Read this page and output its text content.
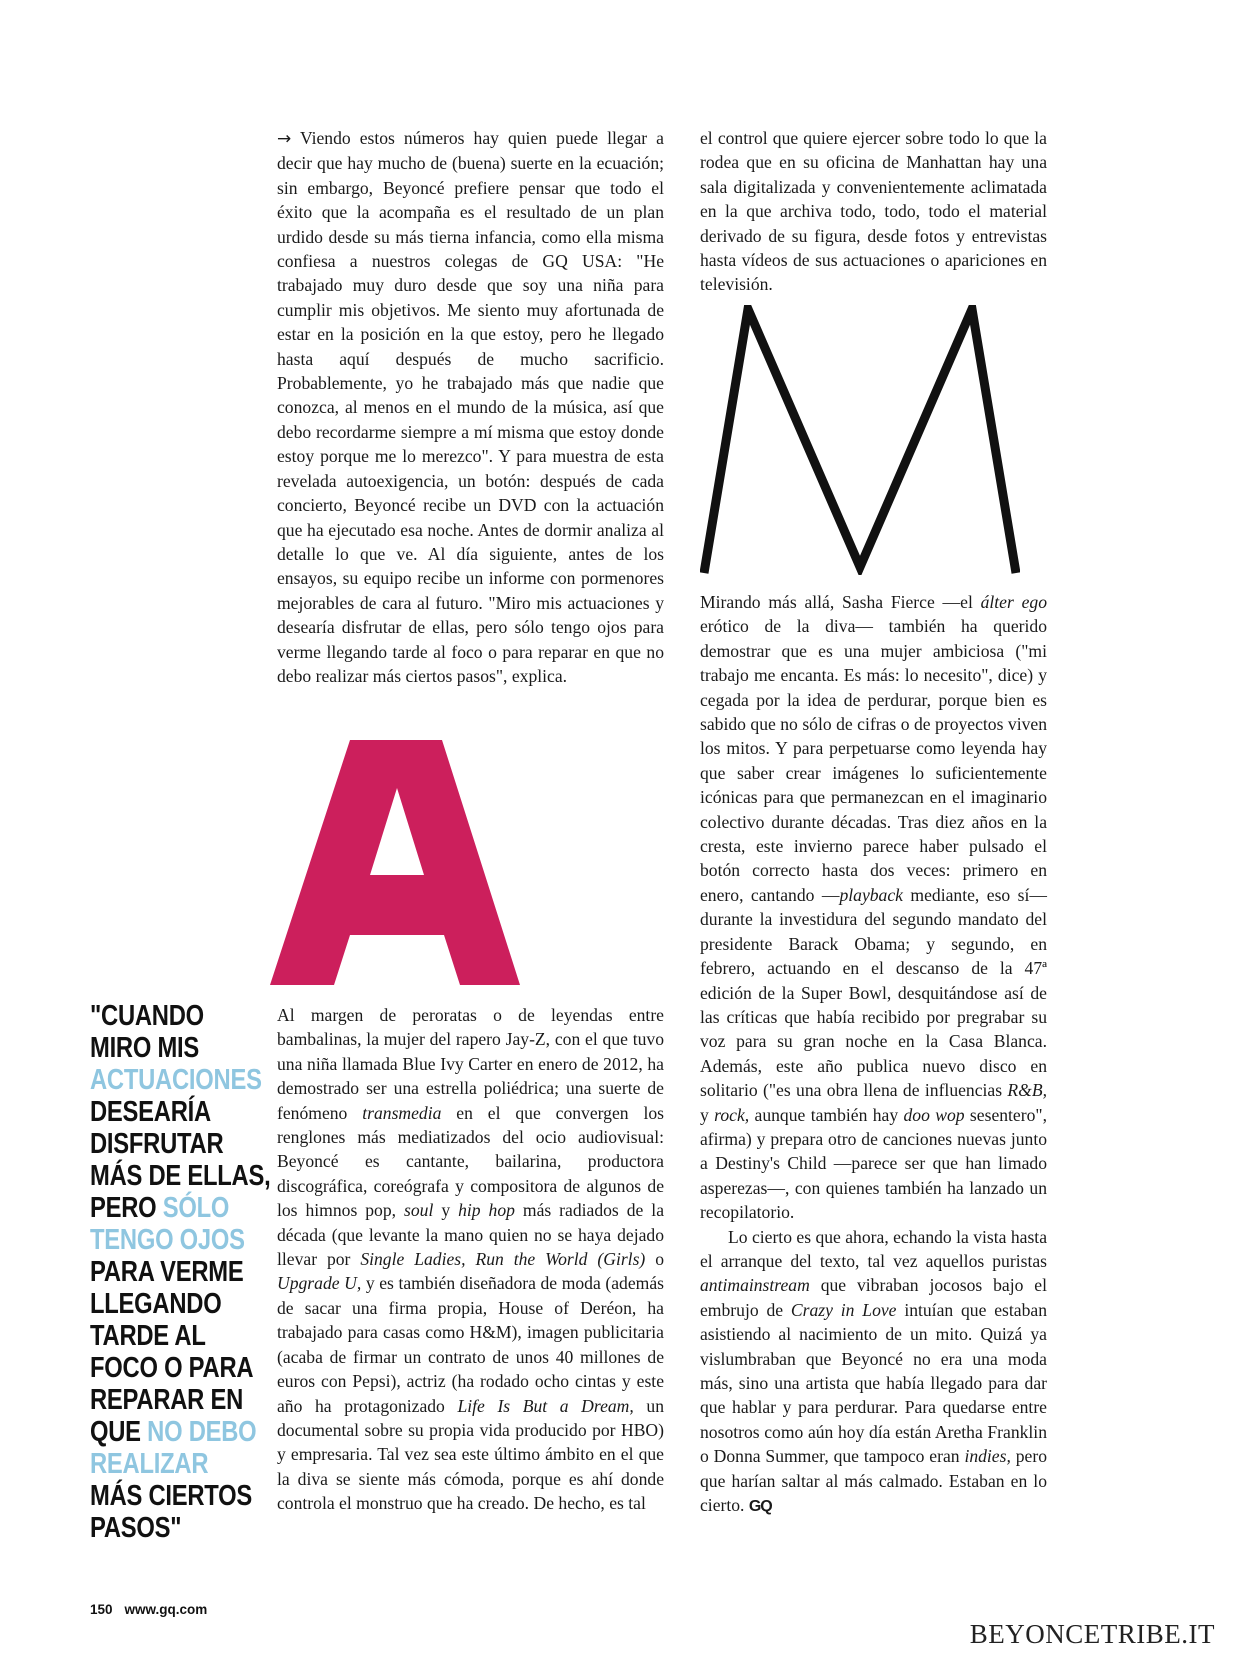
→ Viendo estos números hay quien puede llegar a decir que hay mucho de (buena) suerte en la ecuación; sin embargo, Beyoncé prefiere pensar que todo el éxito que la acompaña es el resultado de un plan urdido desde su más tierna infancia, como ella misma confiesa a nuestros colegas de GQ USA: "He trabajado muy duro desde que soy una niña para cumplir mis objetivos. Me siento muy afortunada de estar en la posición en la que estoy, pero he llegado hasta aquí después de mucho sacrificio. Probablemente, yo he trabajado más que nadie que conozca, al menos en el mundo de la música, así que debo recordarme siempre a mí misma que estoy donde estoy porque me lo merezco". Y para muestra de esta revelada autoexigencia, un botón: después de cada concierto, Beyoncé recibe un DVD con la actuación que ha ejecutado esa noche. Antes de dormir analiza al detalle lo que ve. Al día siguiente, antes de los ensayos, su equipo recibe un informe con pormenores mejorables de cara al futuro. "Miro mis actuaciones y desearía disfrutar de ellas, pero sólo tengo ojos para verme llegando tarde al foco o para reparar en que no debo realizar más ciertos pasos", explica.

Al margen de peroratas o de leyendas entre bambalinas, la mujer del rapero Jay-Z, con el que tuvo una niña llamada Blue Ivy Carter en enero de 2012, ha demostrado ser una estrella poliédrica; una suerte de fenómeno transmedia en el que convergen los renglones más mediatizados del ocio audiovisual: Beyoncé es cantante, bailarina, productora discográfica, coreógrafa y compositora de algunos de los himnos pop, soul y hip hop más radiados de la década (que levante la mano quien no se haya dejado llevar por Single Ladies, Run the World (Girls) o Upgrade U, y es también diseñadora de moda (además de sacar una firma propia, House of Deréon, ha trabajado para casas como H&M), imagen publicitaria (acaba de firmar un contrato de unos 40 millones de euros con Pepsi), actriz (ha rodado ocho cintas y este año ha protagonizado Life Is But a Dream, un documental sobre su propia vida producido por HBO) y empresaria. Tal vez sea este último ámbito en el que la diva se siente más cómoda, porque es ahí donde controla el monstruo que ha creado. De hecho, es tal

el control que quiere ejercer sobre todo lo que la rodea que en su oficina de Manhattan hay una sala digitalizada y convenientemente aclimatada en la que archiva todo, todo, todo el material derivado de su figura, desde fotos y entrevistas hasta vídeos de sus actuaciones o apariciones en televisión.

Mirando más allá, Sasha Fierce —el álter ego erótico de la diva— también ha querido demostrar que es una mujer ambiciosa ("mi trabajo me encanta. Es más: lo necesito", dice) y cegada por la idea de perdurar, porque bien es sabido que no sólo de cifras o de proyectos viven los mitos. Y para perpetuarse como leyenda hay que saber crear imágenes lo suficientemente icónicas para que permanezcan en el imaginario colectivo durante décadas. Tras diez años en la cresta, este invierno parece haber pulsado el botón correcto hasta dos veces: primero en enero, cantando —playback mediante, eso sí— durante la investidura del segundo mandato del presidente Barack Obama; y segundo, en febrero, actuando en el descanso de la 47ª edición de la Super Bowl, desquitándose así de las críticas que había recibido por pregrabar su voz para su gran noche en la Casa Blanca. Además, este año publica nuevo disco en solitario ("es una obra llena de influencias R&B, y rock, aunque también hay doo wop sesentero", afirma) y prepara otro de canciones nuevas junto a Destiny's Child —parece ser que han limado asperezas—, con quienes también ha lanzado un recopilatorio.

Lo cierto es que ahora, echando la vista hasta el arranque del texto, tal vez aquellos puristas antimainstream que vibraban jocosos bajo el embrujo de Crazy in Love intuían que estaban asistiendo al nacimiento de un mito. Quizá ya vislumbraban que Beyoncé no era una moda más, sino una artista que había llegado para dar que hablar y para perdurar. Para quedarse entre nosotros como aún hoy día están Aretha Franklin o Donna Summer, que tampoco eran indies, pero que harían saltar al más calmado. Estaban en lo cierto. GQ

"CUANDO
MIRO MIS
ACTUACIONES
DESEARÍA
DISFRUTAR
MÁS DE ELLAS,
PERO SÓLO
TENGO OJOS
PARA VERME
LLEGANDO
TARDE AL
FOCO O PARA
REPARAR EN
QUE NO DEBO
REALIZAR
MÁS CIERTOS
PASOS"
150 www.gq.com
BEYONCETRIBE.IT
